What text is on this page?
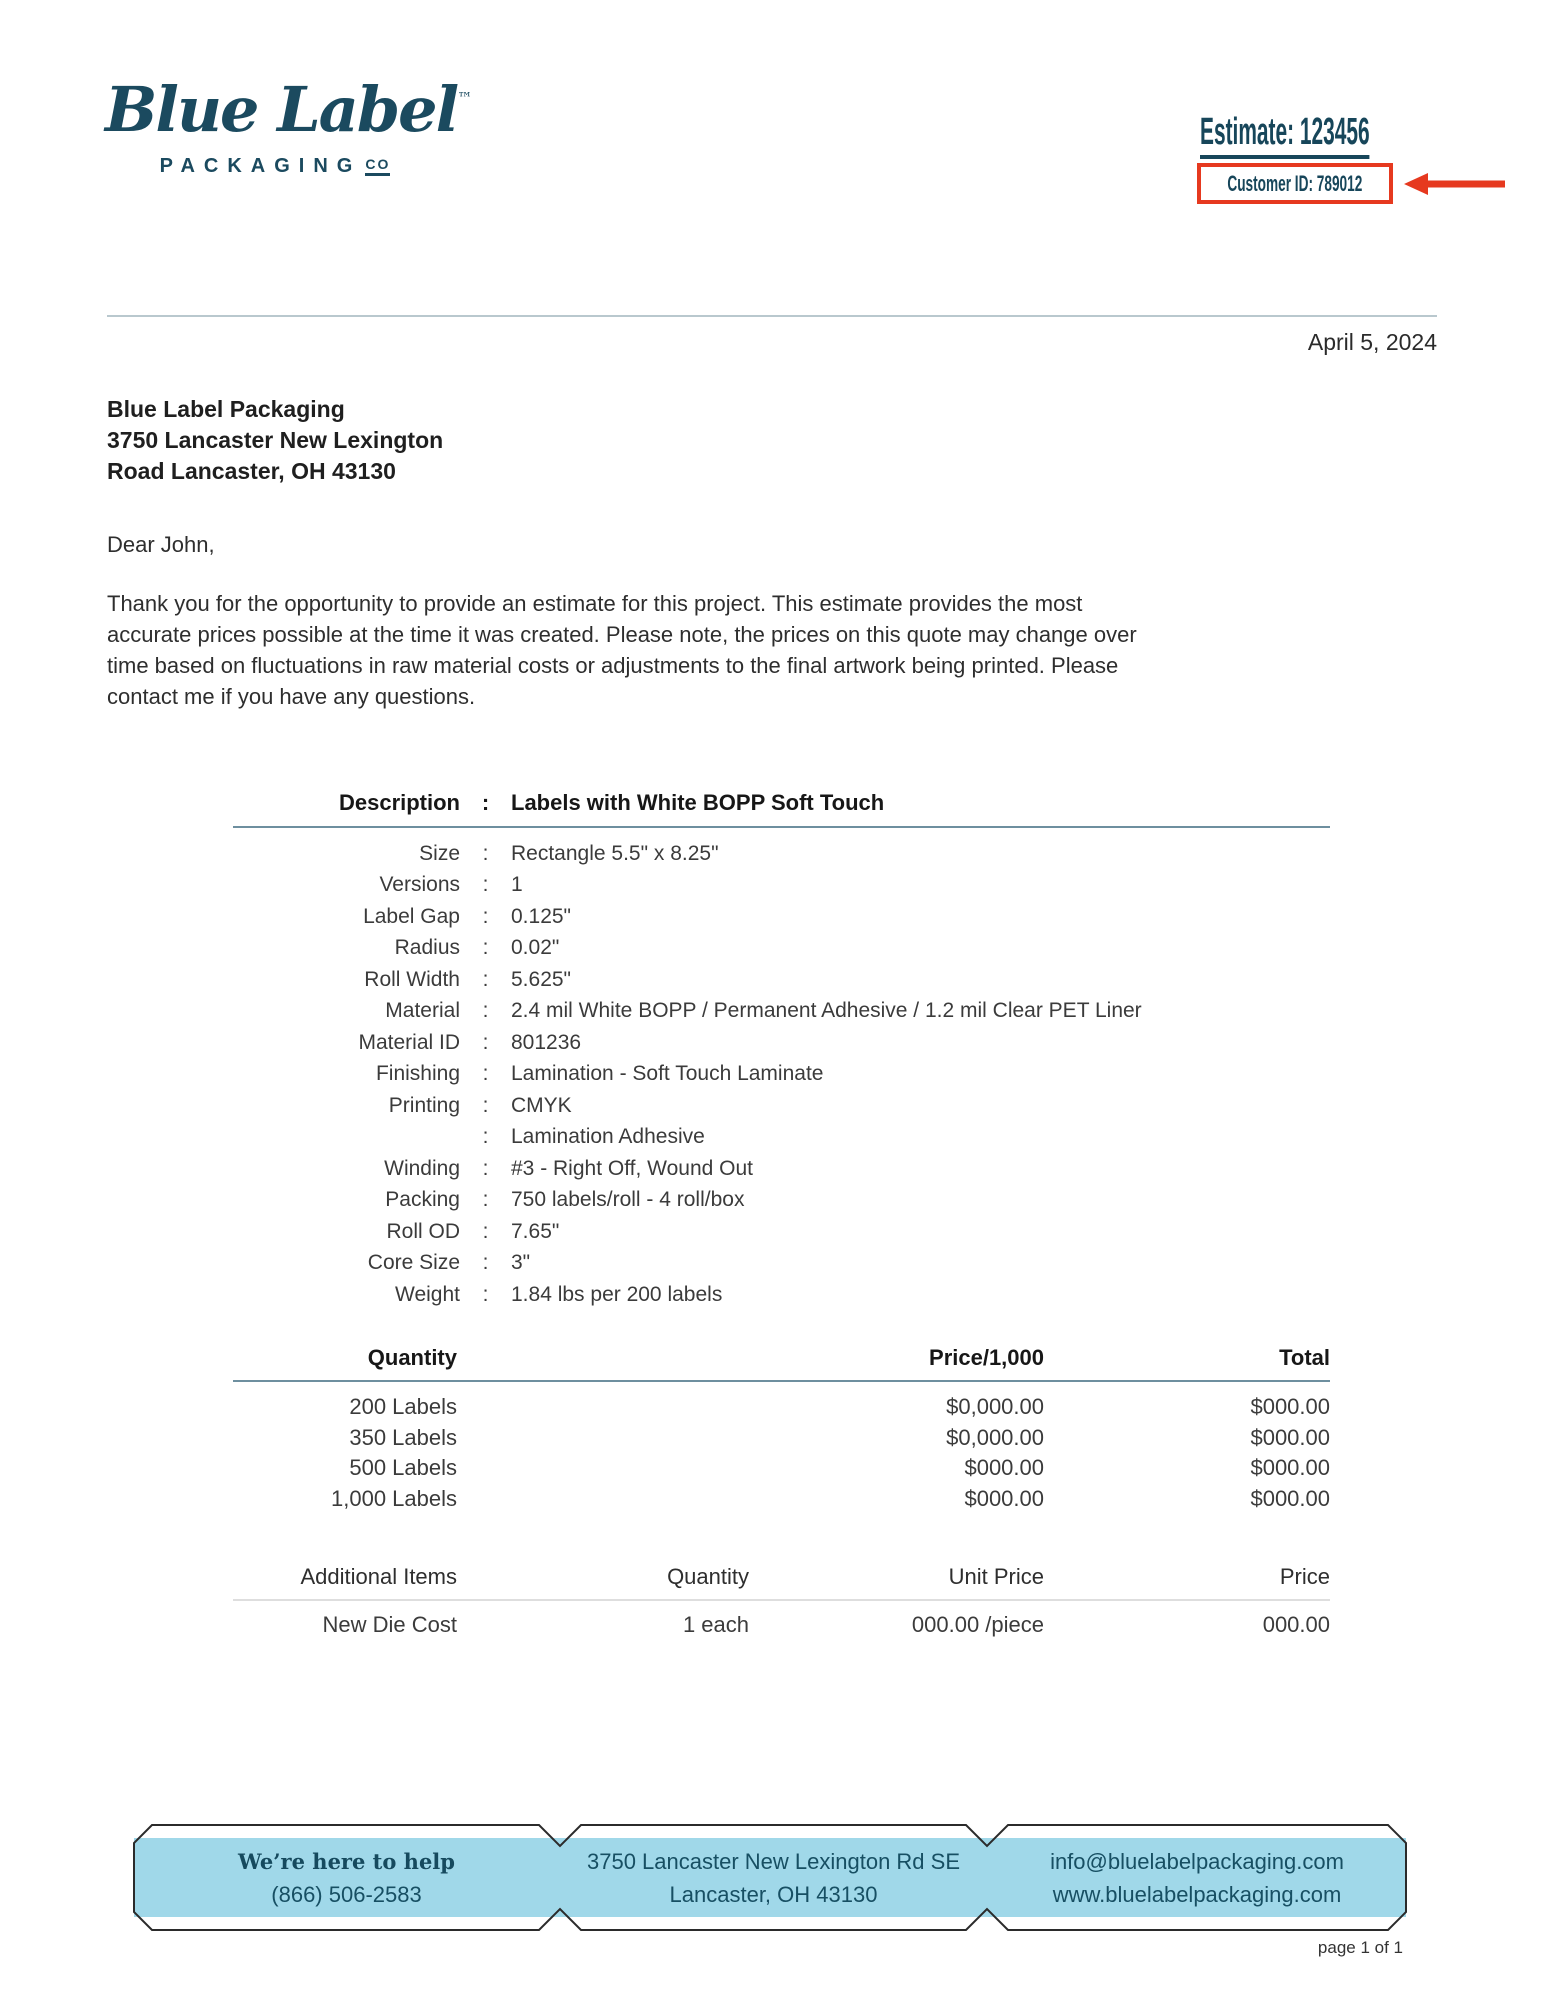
Blue Label™
PACKAGING CO
Estimate: 123456
Customer ID: 789012
April 5, 2024
Blue Label Packaging
3750 Lancaster New Lexington
Road Lancaster, OH 43130
Dear John,
Thank you for the opportunity to provide an estimate for this project. This estimate provides the most
accurate prices possible at the time it was created. Please note, the prices on this quote may change over
time based on fluctuations in raw material costs or adjustments to the final artwork being printed. Please
contact me if you have any questions.
Description : Labels with White BOPP Soft Touch
Size	:	Rectangle 5.5" x 8.25"
Versions	:	1
Label Gap	:	0.125"
Radius	:	0.02"
Roll Width	:	5.625"
Material	:	2.4 mil White BOPP / Permanent Adhesive / 1.2 mil Clear PET Liner
Material ID	:	801236
Finishing	:	Lamination - Soft Touch Laminate
Printing	:	CMYK
:	Lamination Adhesive
Winding	:	#3 - Right Off, Wound Out
Packing	:	750 labels/roll - 4 roll/box
Roll OD	:	7.65"
Core Size	:	3"
Weight	:	1.84 lbs per 200 labels
Quantity	Price/1,000	Total
200 Labels	$0,000.00	$000.00
350 Labels	$0,000.00	$000.00
500 Labels	$000.00	$000.00
1,000 Labels	$000.00	$000.00
Additional Items	Quantity	Unit Price	Price
New Die Cost	1 each	000.00 /piece	000.00
We’re here to help
(866) 506-2583
3750 Lancaster New Lexington Rd SE
Lancaster, OH 43130
info@bluelabelpackaging.com
www.bluelabelpackaging.com
page 1 of 1
